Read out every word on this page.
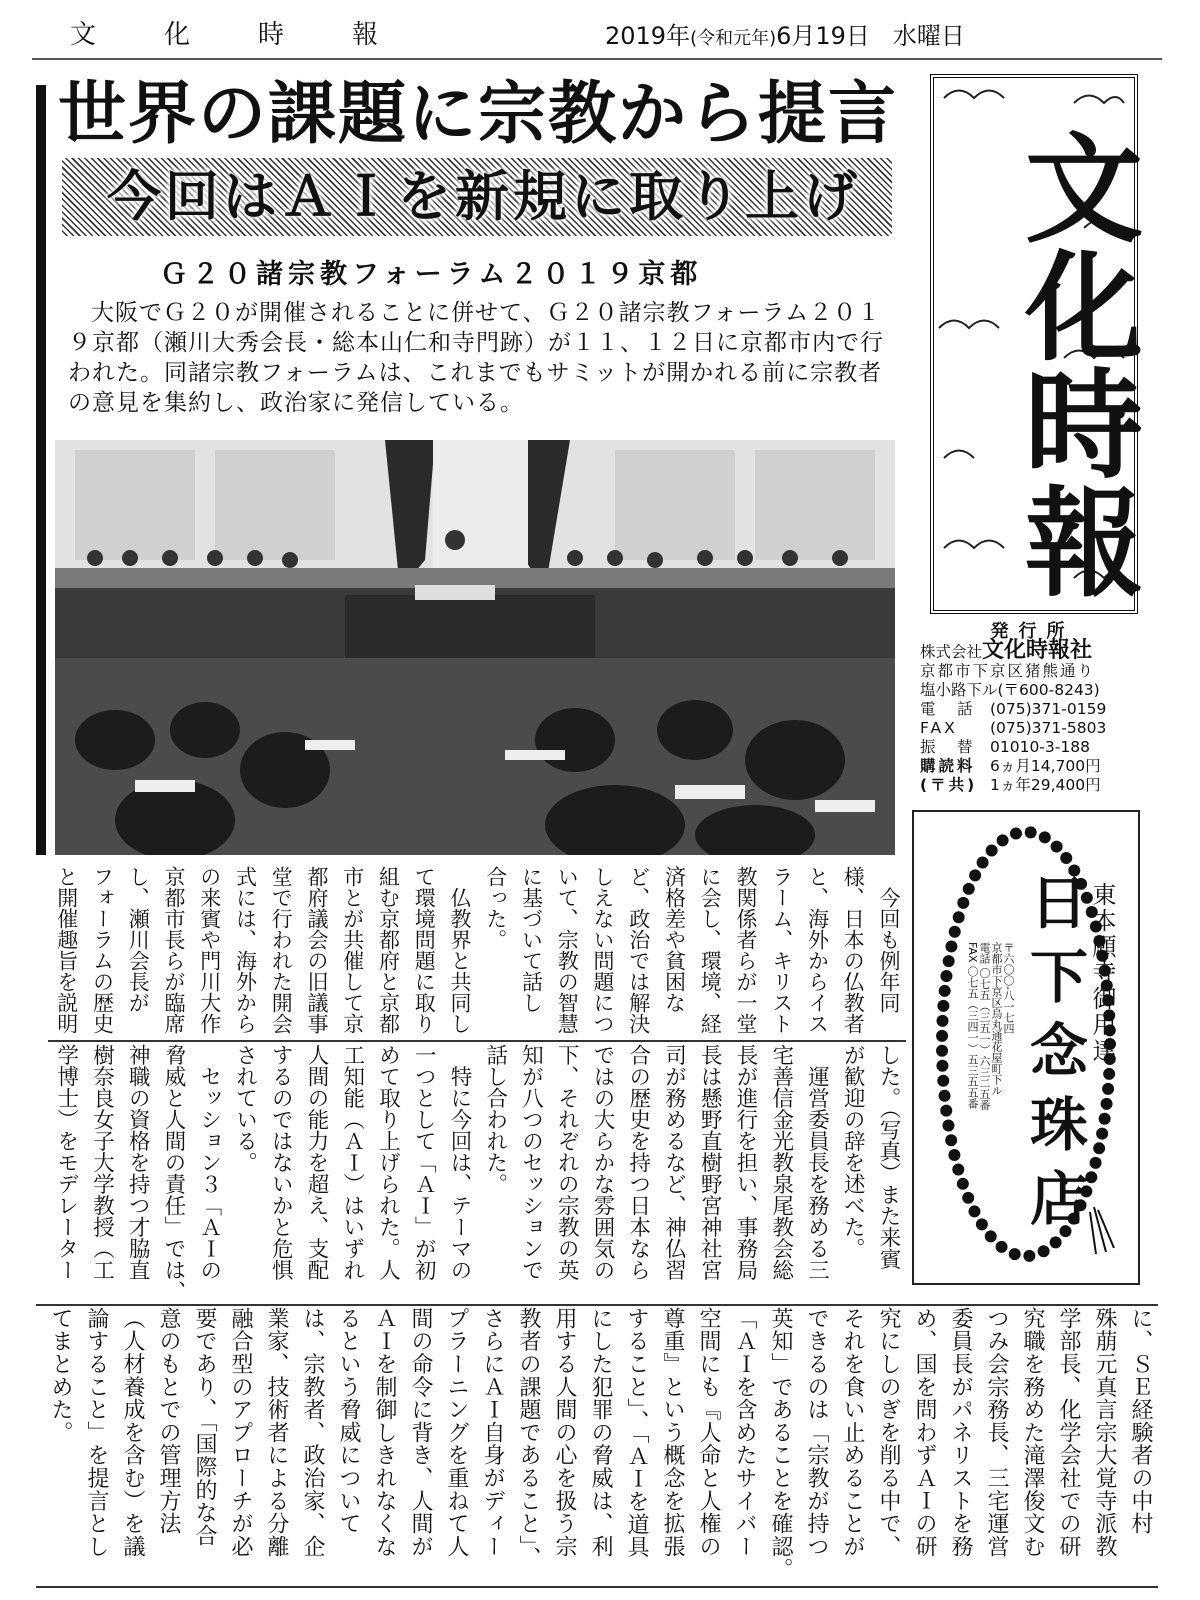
文化時報	2019年(令和元年)6月19日 水曜日
世界の課題に宗教から提言
今回はＡＩを新規に取り上げ
Ｇ２０諸宗教フォーラム２０１９京都

大阪でＧ２０が開催されることに併せて、Ｇ２０諸宗教フォーラム２０１９京都（瀬川大秀会長・総本山仁和寺門跡）が１１、１２日に京都市内で行われた。同諸宗教フォーラムは、これまでもサミットが開かれる前に宗教者の意見を集約し、政治家に発信している。	文化時報
発行所
株式会社文化時報社
京都市下京区猪熊通り
塩小路下ル(〒600-8243)
電　話 (075)371-0159
FAX	(075)371-5803
振　替 01010-3-188
購読料 6ヵ月14,700円
(〒共) 1ヵ年29,400円
東本願寺御用達
日下念珠店
〒六〇〇-八一七四
京都市下京区烏丸通花屋町下ル
電話 〇七五（三五一）六三二五番
FAX 〇七五（三四一）五三五五番
　今回も例年同
様、日本の仏教者
と、海外からイス
ラーム、キリスト
教関係者らが一堂
に会し、環境、経
済格差や貧困な
ど、政治では解決
しえない問題につ
いて、宗教の智慧
に基づいて話し
合った。
　仏教界と共同し
て環境問題に取り
組む京都府と京都
市とが共催して京
都府議会の旧議事
堂で行われた開会
式には、海外から
の来賓や門川大作
京都市長らが臨席
し、瀬川会長が
フォーラムの歴史
と開催趣旨を説明
した。（写真）また来賓
が歓迎の辞を述べた。
　運営委員長を務める三
宅善信金光教泉尾教会総
長が進行を担い、事務局
長は懸野直樹野宮神社宮
司が務めるなど、神仏習
合の歴史を持つ日本なら
ではの大らかな雰囲気の
下、それぞれの宗教の英
知が八つのセッションで
話し合われた。
　特に今回は、テーマの
一つとして「ＡＩ」が初
めて取り上げられた。人
工知能（ＡＩ）はいずれ
人間の能力を超え、支配
するのではないかと危惧
されている。
　セッション３「ＡＩの
脅威と人間の責任」では、
神職の資格を持つ才脇直
樹奈良女子大学教授（工
学博士）をモデレーター
に、ＳＥ経験者の中村
殊萠元真言宗大覚寺派教
学部長、化学会社での研
究職を務めた滝澤俊文む
つみ会宗務長、三宅運営
委員長がパネリストを務
め、国を問わずＡＩの研
究にしのぎを削る中で、
それを食い止めることが
できるのは「宗教が持つ
英知」であることを確認。
「ＡＩを含めたサイバー
空間にも『人命と人権の
尊重』という概念を拡張
すること」、「ＡＩを道具
にした犯罪の脅威は、利
用する人間の心を扱う宗
教者の課題であること」、
さらにＡＩ自身がディー
プラーニングを重ねて人
間の命令に背き、人間が
ＡＩを制御しきれなくな
るという脅威について
は、宗教者、政治家、企
業家、技術者による分離
融合型のアプローチが必
要であり、「国際的な合
意のもとでの管理方法
（人材養成を含む）を議
論すること」を提言とし
てまとめた。
